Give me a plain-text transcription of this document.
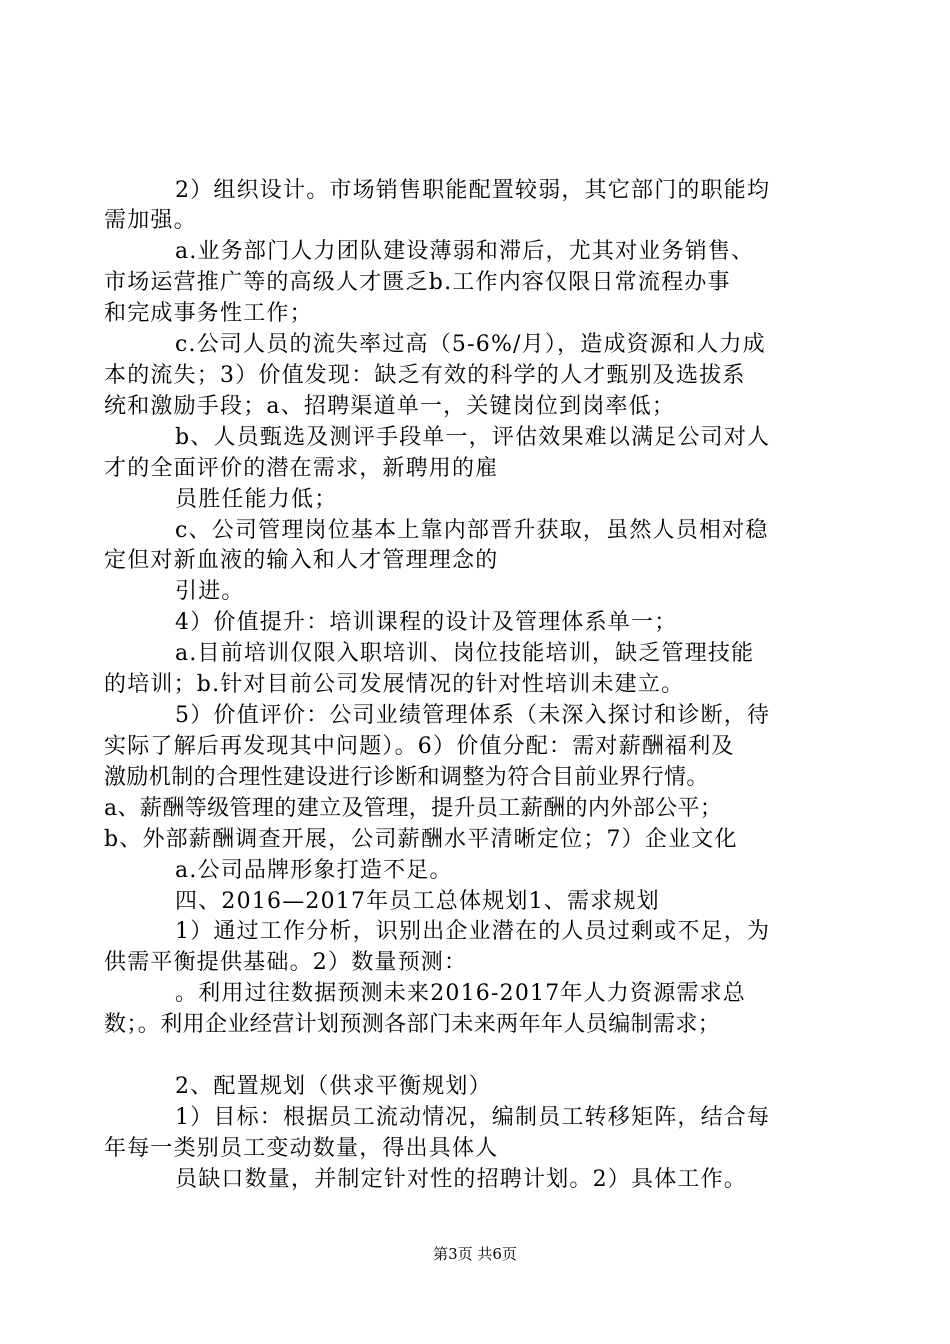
2）组织设计。市场销售职能配置较弱，其它部门的职能均
需加强。
a.业务部门人力团队建设薄弱和滞后，尤其对业务销售、
市场运营推广等的高级人才匮乏b.工作内容仅限日常流程办事
和完成事务性工作；
c.公司人员的流失率过高（5-6%/月），造成资源和人力成
本的流失；3）价值发现：缺乏有效的科学的人才甄别及选拔系
统和激励手段；a、招聘渠道单一，关键岗位到岗率低；
b、人员甄选及测评手段单一，评估效果难以满足公司对人
才的全面评价的潜在需求，新聘用的雇
员胜任能力低；
c、公司管理岗位基本上靠内部晋升获取，虽然人员相对稳
定但对新血液的输入和人才管理理念的
引进。
4）价值提升：培训课程的设计及管理体系单一；
a.目前培训仅限入职培训、岗位技能培训，缺乏管理技能
的培训；b.针对目前公司发展情况的针对性培训未建立。
5）价值评价：公司业绩管理体系（未深入探讨和诊断，待
实际了解后再发现其中问题）。6）价值分配：需对薪酬福利及
激励机制的合理性建设进行诊断和调整为符合目前业界行情。
a、薪酬等级管理的建立及管理，提升员工薪酬的内外部公平；
b、外部薪酬调查开展，公司薪酬水平清晰定位；7）企业文化
a.公司品牌形象打造不足。
四、2016—2017年员工总体规划1、需求规划
1）通过工作分析，识别出企业潜在的人员过剩或不足，为
供需平衡提供基础。2）数量预测：
。利用过往数据预测未来2016-2017年人力资源需求总
数；。利用企业经营计划预测各部门未来两年年人员编制需求；
2、配置规划（供求平衡规划）
1）目标：根据员工流动情况，编制员工转移矩阵，结合每
年每一类别员工变动数量，得出具体人
员缺口数量，并制定针对性的招聘计划。2）具体工作。
第3页 共6页
